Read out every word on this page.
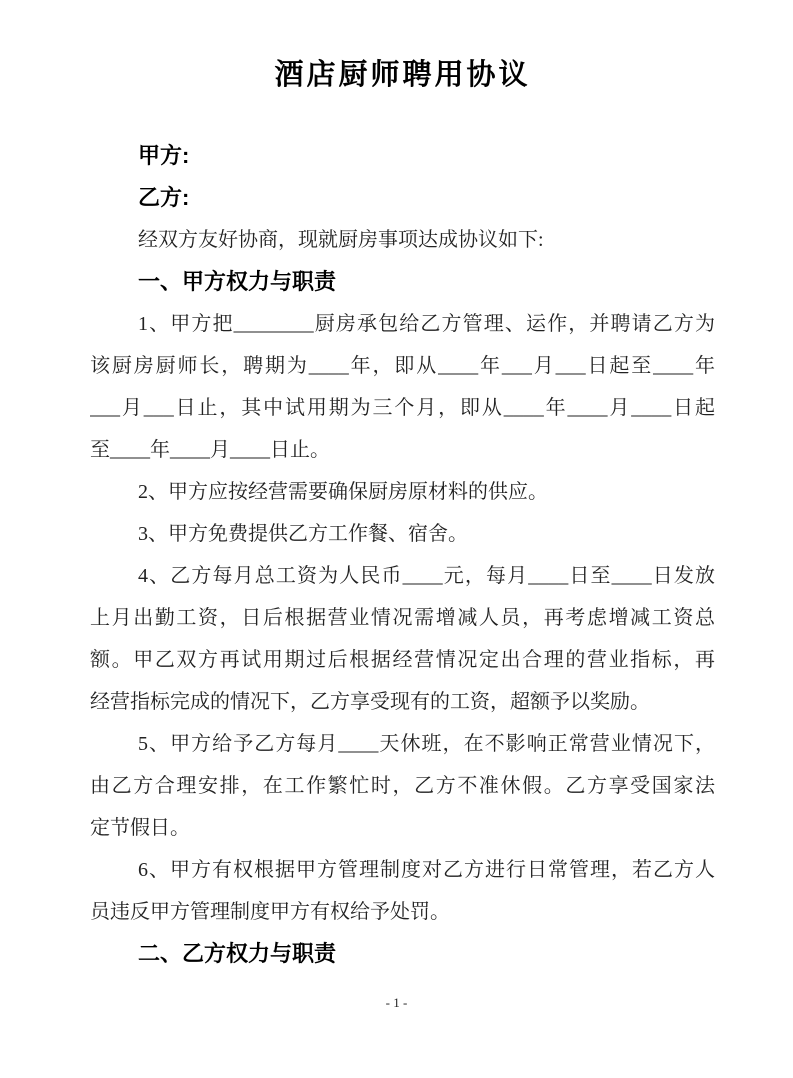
酒店厨师聘用协议
甲方:
乙方:
经双方友好协商，现就厨房事项达成协议如下:
一、甲方权力与职责
1、甲方把________厨房承包给乙方管理、运作，并聘请乙方为
该厨房厨师长，聘期为____年，即从____年___月___日起至____年
___月___日止，其中试用期为三个月，即从____年____月____日起
至____年____月____日止。
2、甲方应按经营需要确保厨房原材料的供应。
3、甲方免费提供乙方工作餐、宿舍。
4、乙方每月总工资为人民币____元，每月____日至____日发放
上月出勤工资，日后根据营业情况需增减人员，再考虑增减工资总
额。甲乙双方再试用期过后根据经营情况定出合理的营业指标，再
经营指标完成的情况下，乙方享受现有的工资，超额予以奖励。
5、甲方给予乙方每月____天休班，在不影响正常营业情况下，
由乙方合理安排，在工作繁忙时，乙方不准休假。乙方享受国家法
定节假日。
6、甲方有权根据甲方管理制度对乙方进行日常管理，若乙方人
员违反甲方管理制度甲方有权给予处罚。
二、乙方权力与职责
- 1 -
